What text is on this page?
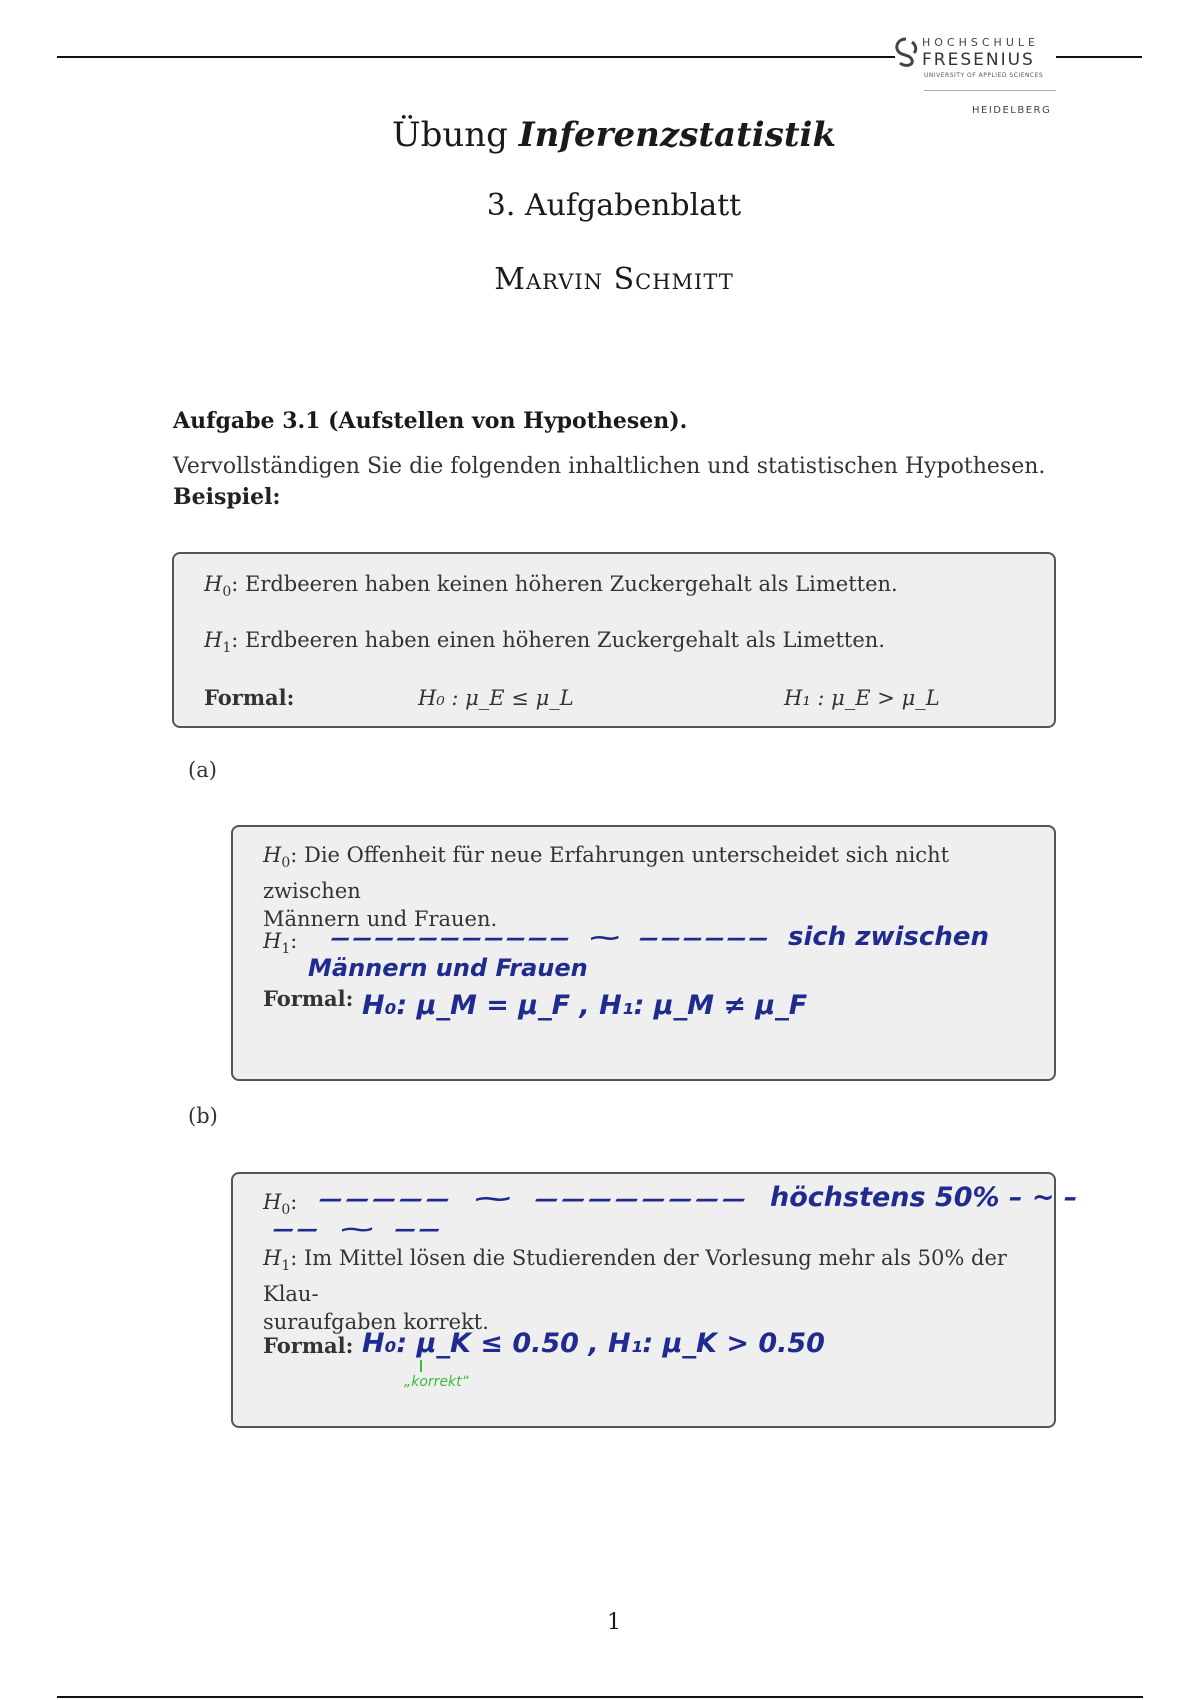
HOCHSCHULE
FRESENIUS
UNIVERSITY OF APPLIED SCIENCES
HEIDELBERG
Übung Inferenzstatistik
3. Aufgabenblatt
Marvin Schmitt
Aufgabe 3.1 (Aufstellen von Hypothesen).
Vervollständigen Sie die folgenden inhaltlichen und statistischen Hypothesen.
Beispiel:
$H_0$: Erdbeeren haben keinen höheren Zuckergehalt als Limetten.
$H_1$: Erdbeeren haben einen höheren Zuckergehalt als Limetten.
Formal:	H₀ : μ_E ≤ μ_L	H₁ : μ_E > μ_L
(a)
$H_0$: Die Offenheit für neue Erfahrungen unterscheidet sich nicht zwischen
Männern und Frauen.
$H_1$:
Formal:
(b)
$H_0$:
$H_1$: Im Mittel lösen die Studierenden der Vorlesung mehr als 50% der Klau-
suraufgaben korrekt.
Formal:
––––––––––– ~ –––––– sich zwischen
Männern und Frauen
H₀: μ_M = μ_F , H₁: μ_M ≠ μ_F
––––– ~ –––––––– höchstens 50% – ~ –
–– ~ ––
H₀: μ_K ≤ 0.50 , H₁: μ_K > 0.50
„korrekt“
1
